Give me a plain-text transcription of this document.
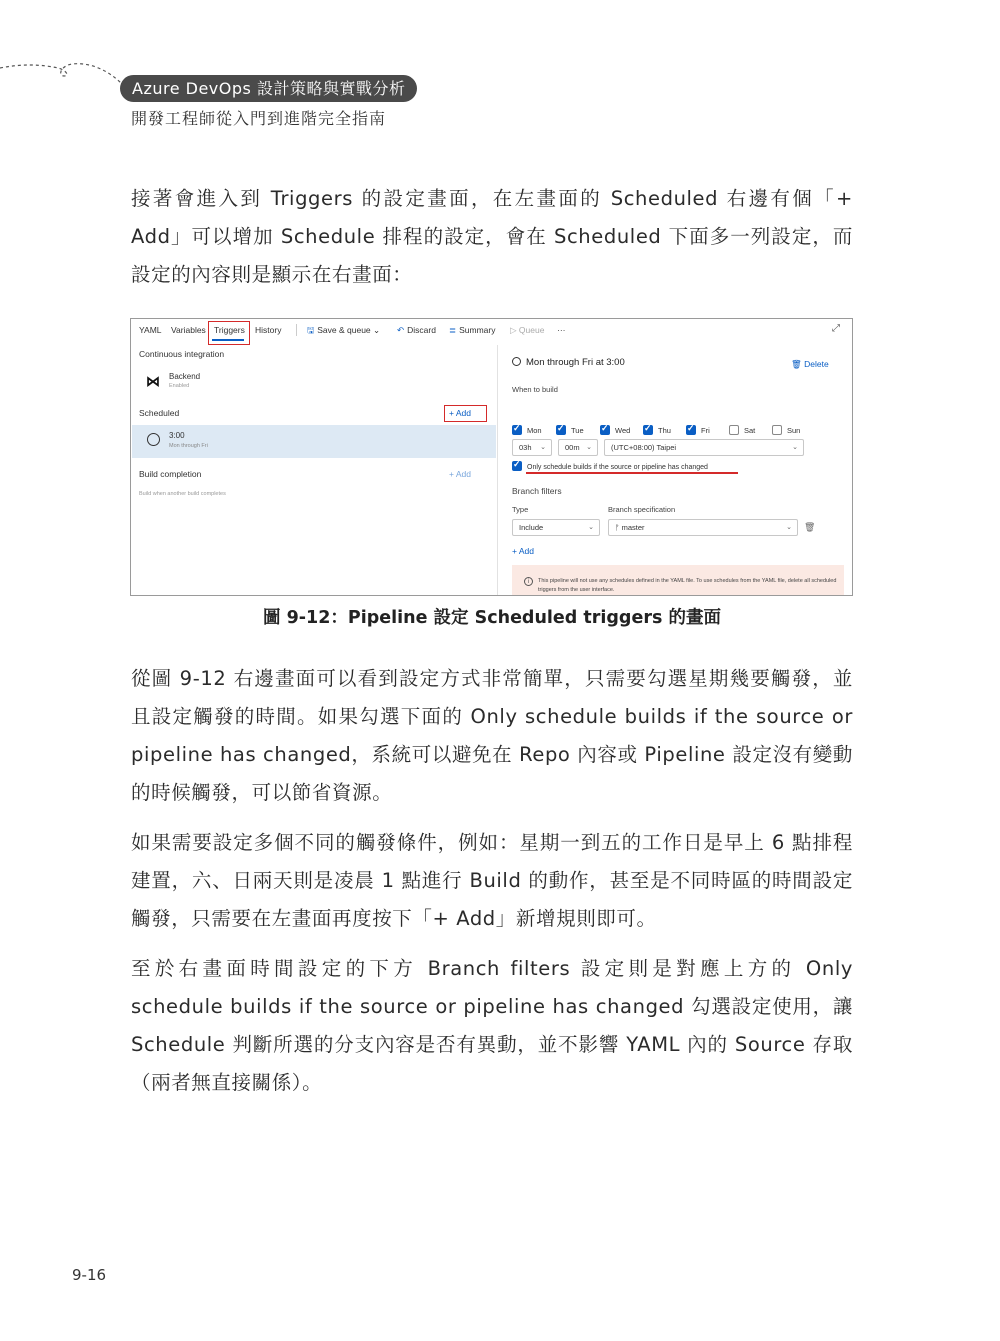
Azure DevOps 設計策略與實戰分析
開發工程師從入門到進階完全指南

接著會進入到 Triggers 的設定畫面，在左畫面的 Scheduled 右邊有個「+ Add」可以增加 Schedule 排程的設定，會在 Scheduled 下面多一列設定，而設定的內容則是顯示在右畫面：

YAML Variables Triggers History	🖫 Save & queue ⌄ ↶ Discard ≣ Summary ▷ Queue ···	⤢
Continuous integration
⋈ Backend
Enabled
Scheduled	+ Add
3:00
Mon through Fri
Build completion	+ Add
Build when another build completes
Mon through Fri at 3:00	🗑 Delete
When to build
✓Mon ✓	Tue ✓	Wed ✓	Thu ✓	Fri	Sat	Sun
03h ⌄	00m ⌄	(UTC+08:00) Taipei	⌄
✓Only schedule builds if the source or pipeline has changed
Branch filters
Type	Branch specification
Include	⌄	ᚠ master	⌄ 🗑
+ Add
i	This pipeline will not use any schedules defined in the YAML file. To use schedules from the YAML file, delete all scheduled triggers from the user interface.
圖 9-12：Pipeline 設定 Scheduled triggers 的畫面

從圖 9-12 右邊畫面可以看到設定方式非常簡單，只需要勾選星期幾要觸發，並且設定觸發的時間。如果勾選下面的 Only schedule builds if the source or pipeline has changed，系統可以避免在 Repo 內容或 Pipeline 設定沒有變動的時候觸發，可以節省資源。

如果需要設定多個不同的觸發條件，例如：星期一到五的工作日是早上 6 點排程建置，六、日兩天則是凌晨 1 點進行 Build 的動作，甚至是不同時區的時間設定觸發，只需要在左畫面再度按下「+ Add」新增規則即可。

至於右畫面時間設定的下方 Branch filters 設定則是對應上方的 Only schedule builds if the source or pipeline has changed 勾選設定使用，讓 Schedule 判斷所選的分支內容是否有異動，並不影響 YAML 內的 Source 存取（兩者無直接關係）。

9-16
